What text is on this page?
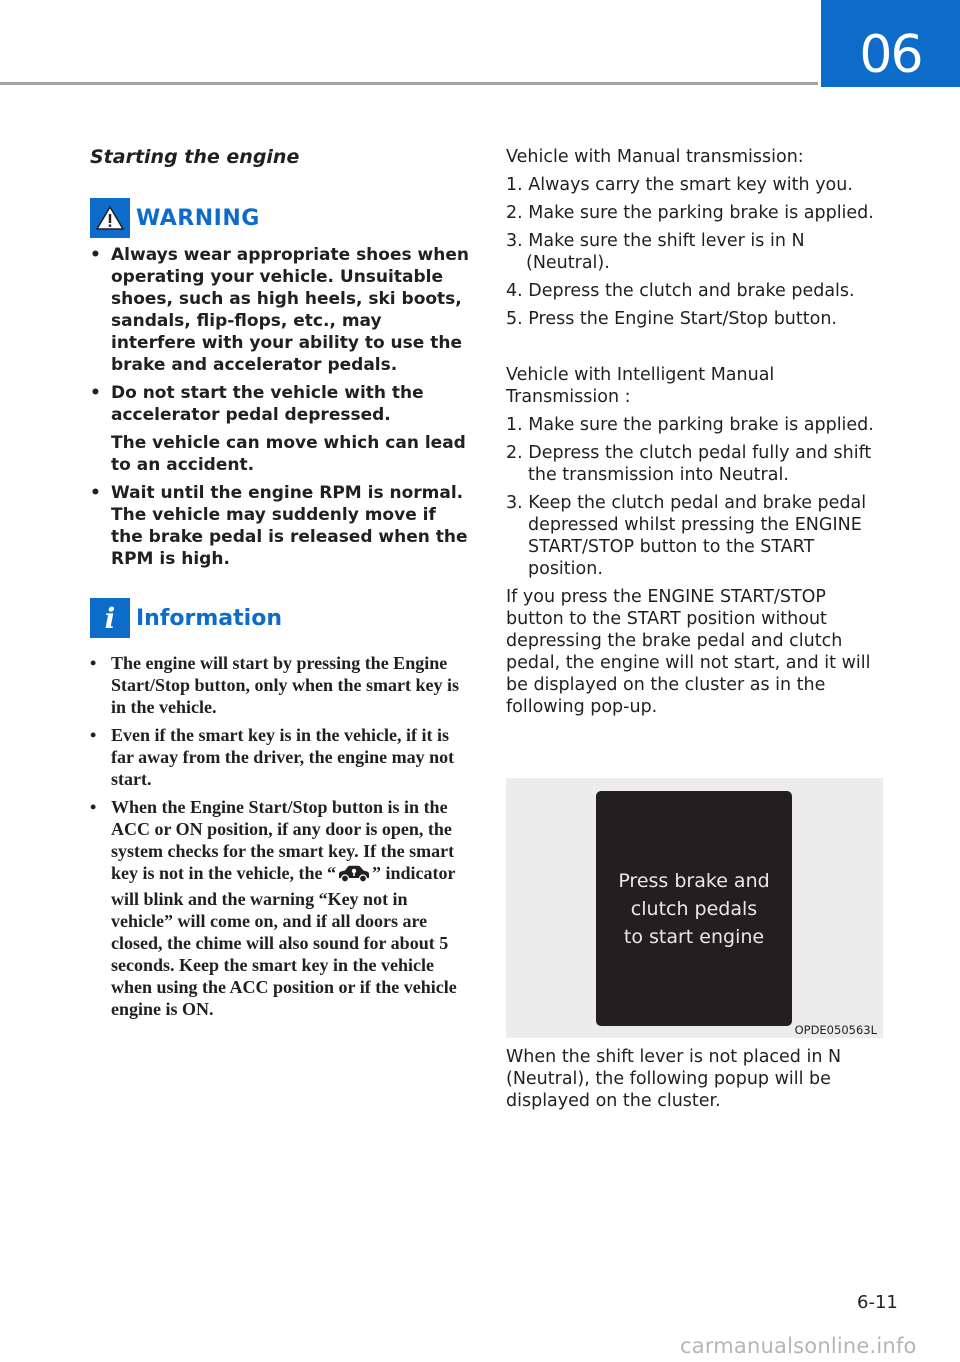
06
Starting the engine
WARNING

• Always wear appropriate shoes when operating your vehicle. Unsuitable shoes, such as high heels, ski boots, sandals, flip-flops, etc., may interfere with your ability to use the brake and accelerator pedals.

• Do not start the vehicle with the accelerator pedal depressed.

The vehicle can move which can lead to an accident.

• Wait until the engine RPM is normal. The vehicle may suddenly move if the brake pedal is released when the RPM is high.

i Information
• The engine will start by pressing the Engine Start/Stop button, only when the smart key is in the vehicle.
• Even if the smart key is in the vehicle, if it is far away from the driver, the engine may not start.
• When the Engine Start/Stop button is in the ACC or ON position, if any door is open, the system checks for the smart key. If the smart key is not in the vehicle, the “ ” indicator will blink and the warning “Key not in vehicle” will come on, and if all doors are closed, the chime will also sound for about 5 seconds. Keep the smart key in the vehicle when using the ACC position or if the vehicle engine is ON.

Vehicle with Manual transmission:

1. Always carry the smart key with you.
2. Make sure the parking brake is applied.
3. Make sure the shift lever is in N (Neutral).
4. Depress the clutch and brake pedals.
5. Press the Engine Start/Stop button.

Vehicle with Intelligent Manual Transmission :

1. Make sure the parking brake is applied.
2. Depress the clutch pedal fully and shift the transmission into Neutral.
3. Keep the clutch pedal and brake pedal depressed whilst pressing the ENGINE START/STOP button to the START position.

If you press the ENGINE START/STOP button to the START position without depressing the brake pedal and clutch pedal, the engine will not start, and it will be displayed on the cluster as in the following pop-up.

Press brake and
clutch pedals
to start engine
OPDE050563L

When the shift lever is not placed in N (Neutral), the following popup will be displayed on the cluster.

6-11
carmanualsonline.info
